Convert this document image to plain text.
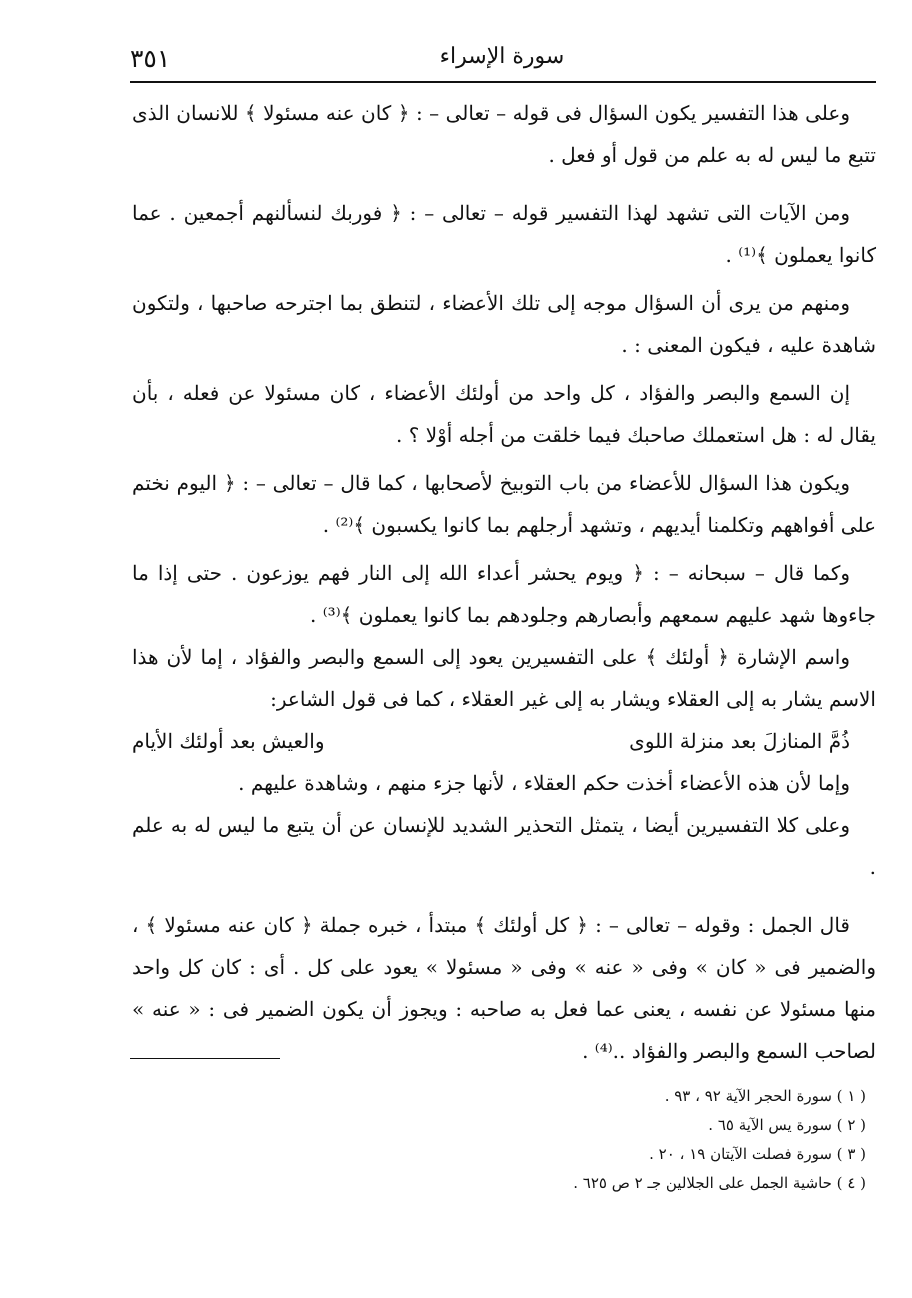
سورة الإسراء
٣٥١

وعلى هذا التفسير يكون السؤال فى قوله – تعالى – : ﴿ كان عنه مسئولا ﴾ للانسان الذى تتبع ما ليس له به علم من قول أو فعل .

ومن الآيات التى تشهد لهذا التفسير قوله – تعالى – : ﴿ فوربك لنسألنهم أجمعين . عما كانوا يعملون ﴾⁽¹⁾ .

ومنهم من يرى أن السؤال موجه إلى تلك الأعضاء ، لتنطق بما اجترحه صاحبها ، ولتكون شاهدة عليه ، فيكون المعنى : .

إن السمع والبصر والفؤاد ، كل واحد من أولئك الأعضاء ، كان مسئولا عن فعله ، بأن يقال له : هل استعملك صاحبك فيما خلقت من أجله أوْلا ؟ .

ويكون هذا السؤال للأعضاء من باب التوبيخ لأصحابها ، كما قال – تعالى – : ﴿ اليوم نختم على أفواههم وتكلمنا أيديهم ، وتشهد أرجلهم بما كانوا يكسبون ﴾⁽²⁾ .

وكما قال – سبحانه – : ﴿ ويوم يحشر أعداء الله إلى النار فهم يوزعون . حتى إذا ما جاءوها شهد عليهم سمعهم وأبصارهم وجلودهم بما كانوا يعملون ﴾⁽³⁾ .

واسم الإشارة ﴿ أولئك ﴾ على التفسيرين يعود إلى السمع والبصر والفؤاد ، إما لأن هذا الاسم يشار به إلى العقلاء ويشار به إلى غير العقلاء ، كما فى قول الشاعر:

ذُمَّ المنازلَ بعد منزلة اللوى
والعيش بعد أولئك الأيام

وإما لأن هذه الأعضاء أخذت حكم العقلاء ، لأنها جزء منهم ، وشاهدة عليهم .

وعلى كلا التفسيرين أيضا ، يتمثل التحذير الشديد للإنسان عن أن يتبع ما ليس له به علم .

قال الجمل : وقوله – تعالى – : ﴿ كل أولئك ﴾ مبتدأ ، خبره جملة ﴿ كان عنه مسئولا ﴾ ، والضمير فى « كان » وفى « عنه » وفى « مسئولا » يعود على كل . أى : كان كل واحد منها مسئولا عن نفسه ، يعنى عما فعل به صاحبه : ويجوز أن يكون الضمير فى : « عنه » لصاحب السمع والبصر والفؤاد ..⁽⁴⁾ .

( ١ ) سورة الحجر الآية ٩٢ ، ٩٣ .

( ٢ ) سورة يس الآية ٦٥ .

( ٣ ) سورة فصلت الآيتان ١٩ ، ٢٠ .

( ٤ ) حاشية الجمل على الجلالين جـ ٢ ص ٦٢٥ .
